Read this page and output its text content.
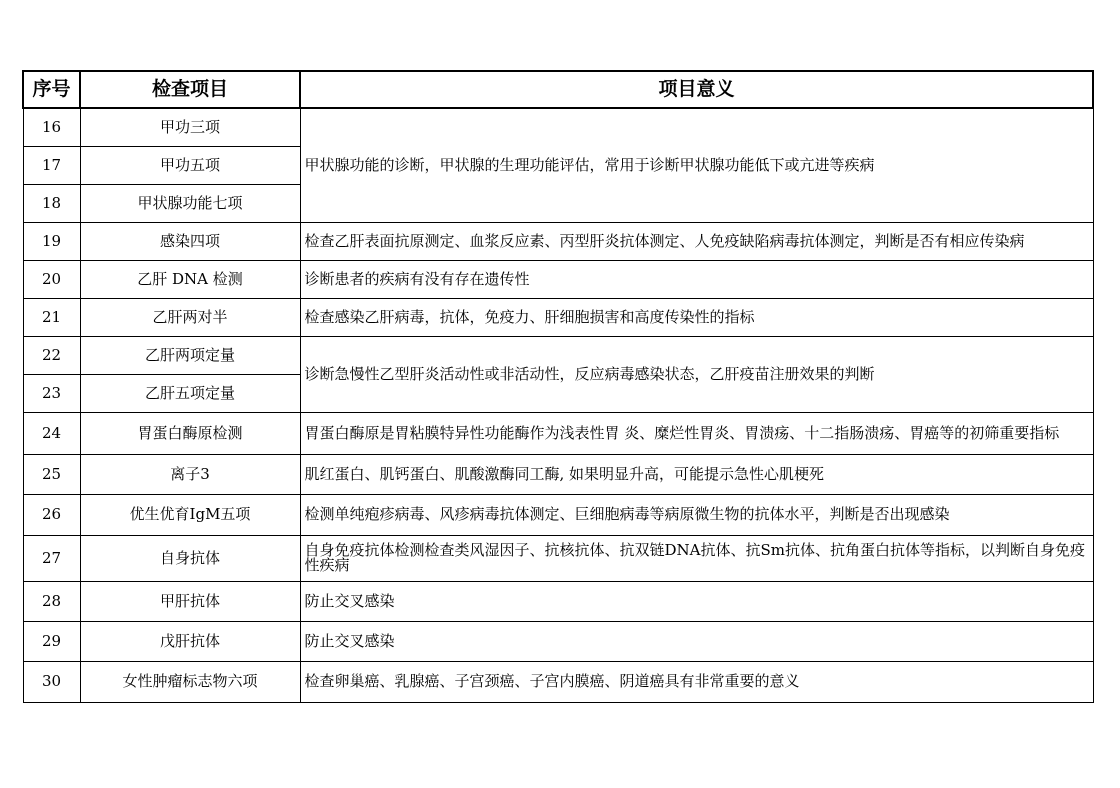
序号	检查项目	项目意义
16	甲功三项	甲状腺功能的诊断，甲状腺的生理功能评估，常用于诊断甲状腺功能低下或亢进等疾病

17	甲功五项	
18	甲状腺功能七项	
19	感染四项	检查乙肝表面抗原测定、血浆反应素、丙型肝炎抗体测定、人免疫缺陷病毒抗体测定，判断是否有相应传染病
20	乙肝 DNA 检测	诊断患者的疾病有没有存在遗传性
21	乙肝两对半	检查感染乙肝病毒，抗体，免疫力、肝细胞损害和高度传染性的指标
22	乙肝两项定量	诊断急慢性乙型肝炎活动性或非活动性，反应病毒感染状态，乙肝疫苗注册效果的判断
23	乙肝五项定量	
24	胃蛋白酶原检测	胃蛋白酶原是胃粘膜特异性功能酶作为浅表性胃 炎、糜烂性胃炎、胃溃疡、十二指肠溃疡、胃癌等的初筛重要指标
25	离子3	肌红蛋白、肌钙蛋白、肌酸激酶同工酶, 如果明显升高，可能提示急性心肌梗死
26	优生优育IgM五项	检测单纯疱疹病毒、风疹病毒抗体测定、巨细胞病毒等病原微生物的抗体水平，判断是否出现感染
27	自身抗体	自身免疫抗体检测检查类风湿因子、抗核抗体、抗双链DNA抗体、抗Sm抗体、抗角蛋白抗体等指标，以判断自身免疫性疾病
28	甲肝抗体	防止交叉感染
29	戊肝抗体	防止交叉感染
30	女性肿瘤标志物六项	检查卵巢癌、乳腺癌、子宫颈癌、子宫内膜癌、阴道癌具有非常重要的意义
